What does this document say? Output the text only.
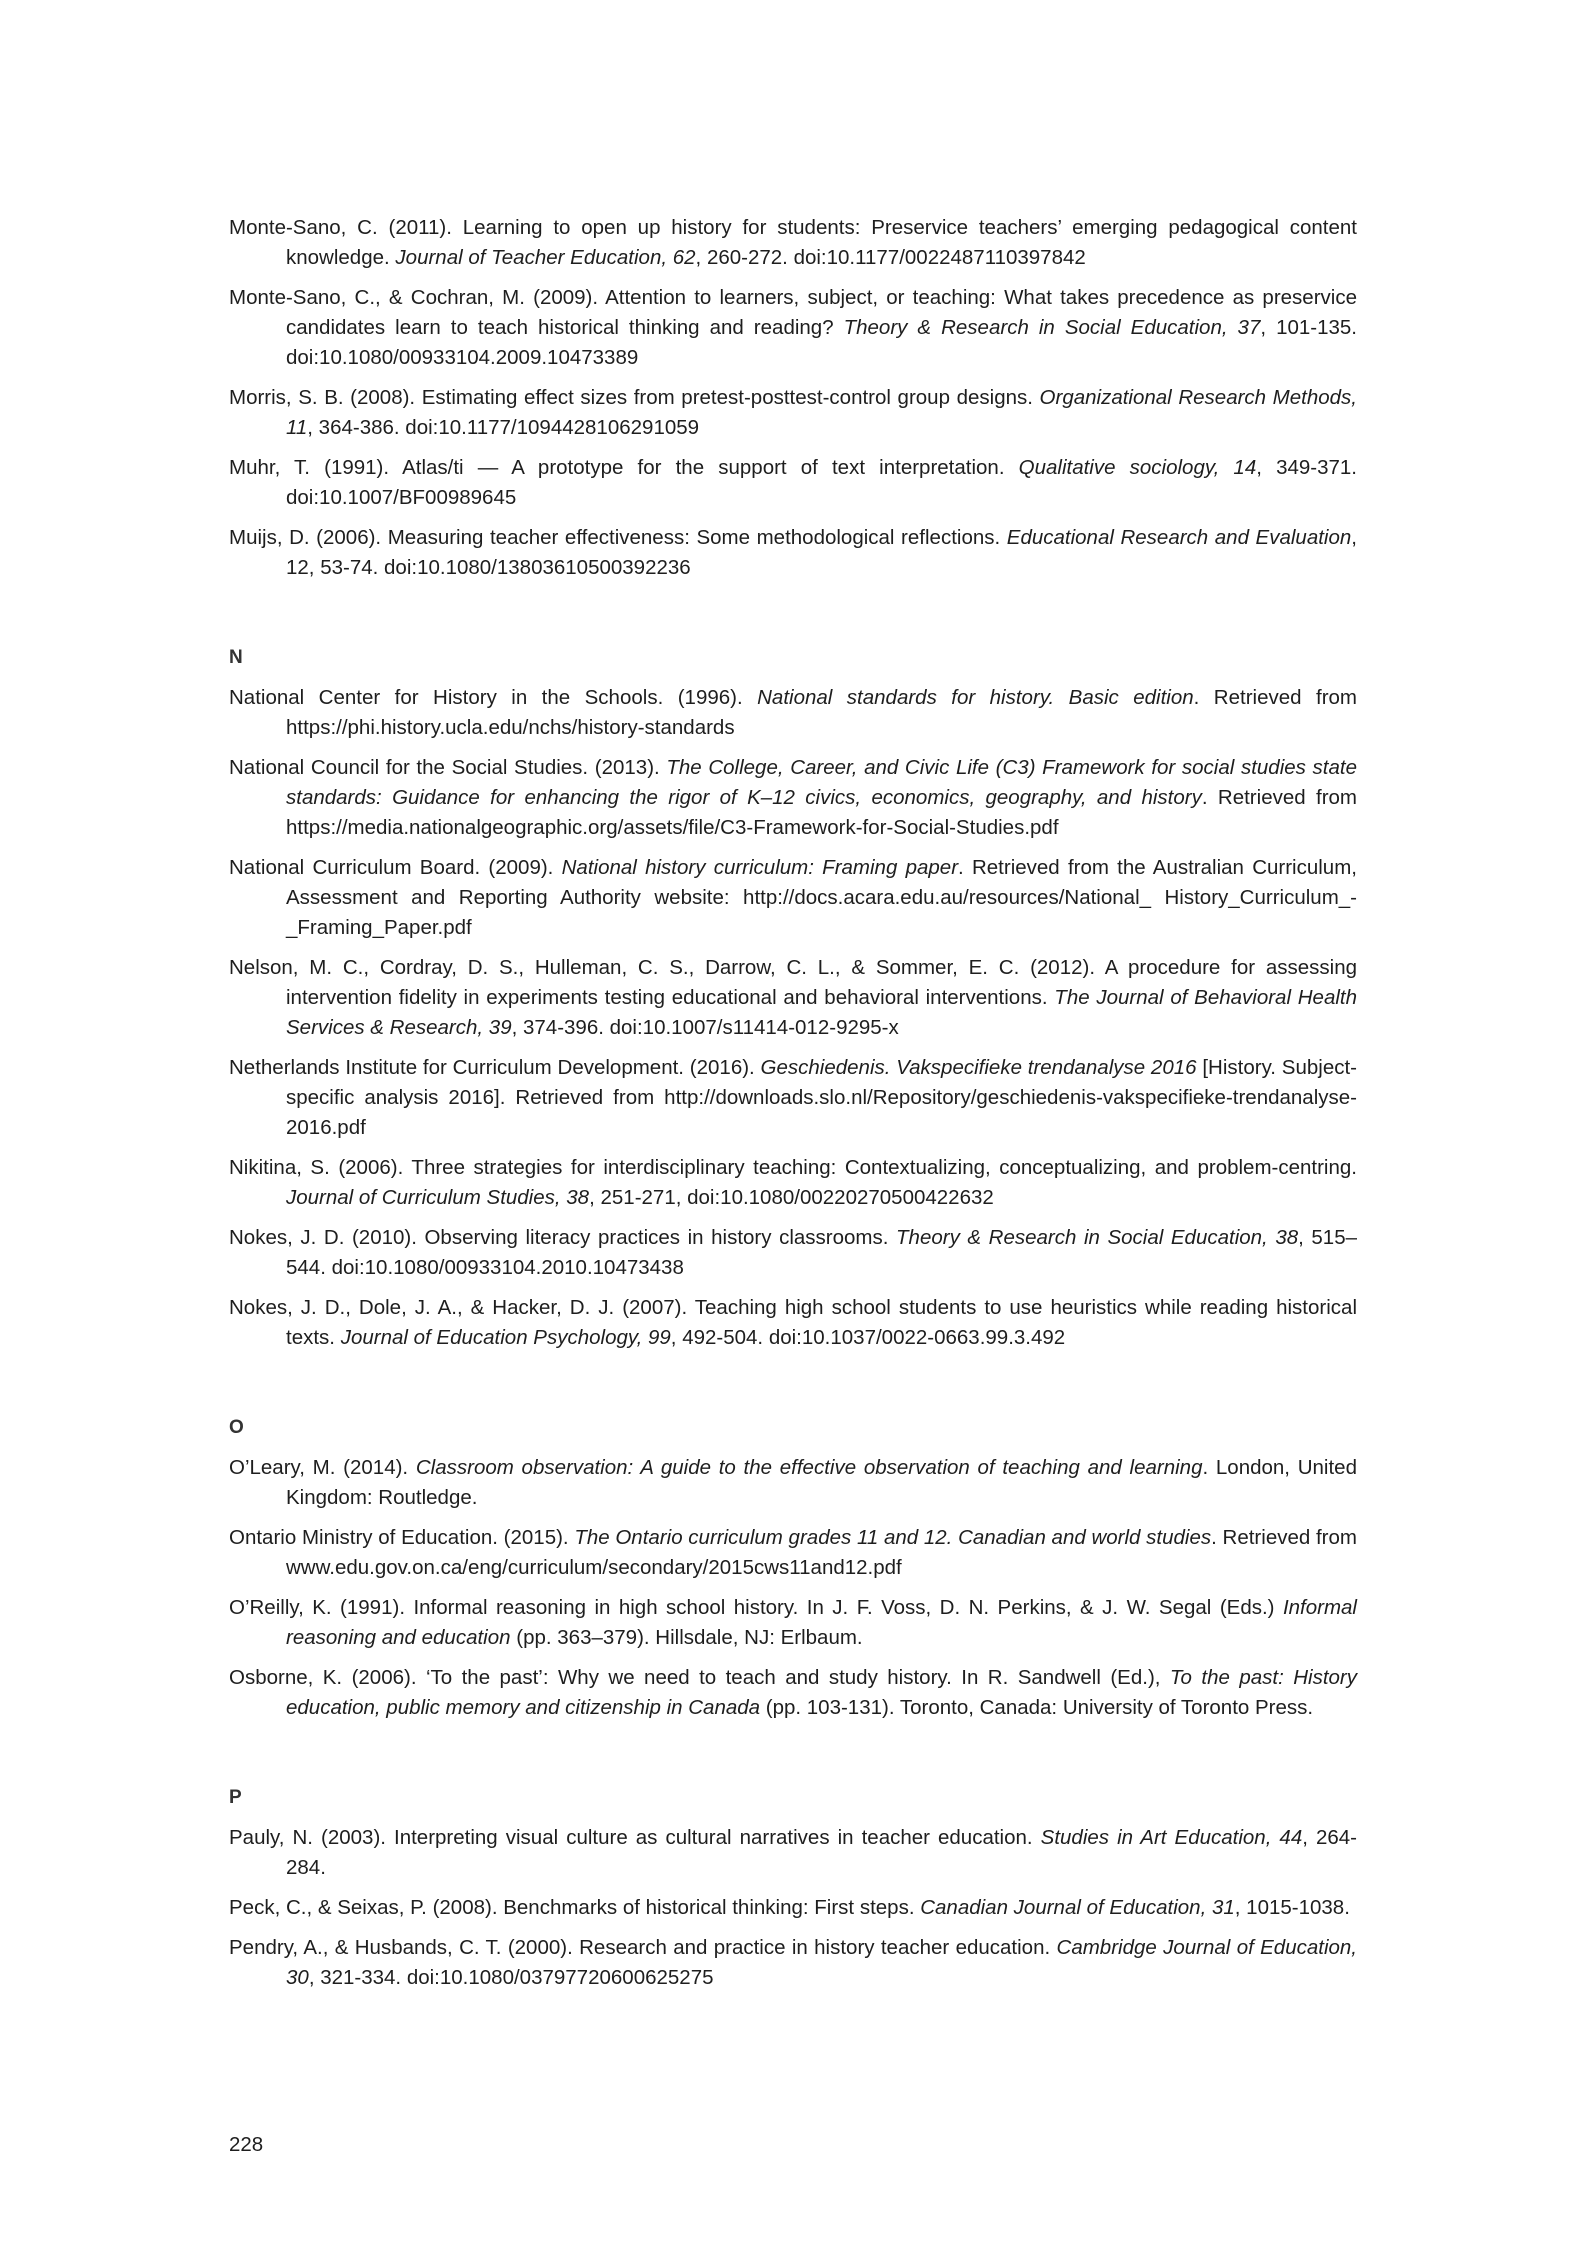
Monte-Sano, C. (2011). Learning to open up history for students: Preservice teachers’ emerging pedagogical content knowledge. Journal of Teacher Education, 62, 260-272. doi:10.1177/0022487110397842

Monte-Sano, C., & Cochran, M. (2009). Attention to learners, subject, or teaching: What takes precedence as preservice candidates learn to teach historical thinking and reading? Theory & Research in Social Education, 37, 101-135. doi:10.1080/00933104.2009.10473389

Morris, S. B. (2008). Estimating effect sizes from pretest-posttest-control group designs. Organizational Research Methods, 11, 364-386. doi:10.1177/1094428106291059

Muhr, T. (1991). Atlas/ti — A prototype for the support of text interpretation. Qualitative sociology, 14, 349-371. doi:10.1007/BF00989645

Muijs, D. (2006). Measuring teacher effectiveness: Some methodological reflections. Educational Research and Evaluation, 12, 53-74. doi:10.1080/13803610500392236

N

National Center for History in the Schools. (1996). National standards for history. Basic edition. Retrieved from https://phi.history.ucla.edu/nchs/history-standards

National Council for the Social Studies. (2013). The College, Career, and Civic Life (C3) Framework for social studies state standards: Guidance for enhancing the rigor of K–12 civics, economics, geography, and history. Retrieved from https://media.nationalgeographic.org/assets/file/C3-Framework-for-Social-Studies.pdf

National Curriculum Board. (2009). National history curriculum: Framing paper. Retrieved from the Australian Curriculum, Assessment and Reporting Authority website: http://docs.acara.edu.au/resources/National_ History_Curriculum_-_Framing_Paper.pdf

Nelson, M. C., Cordray, D. S., Hulleman, C. S., Darrow, C. L., & Sommer, E. C. (2012). A procedure for assessing intervention fidelity in experiments testing educational and behavioral interventions. The Journal of Behavioral Health Services & Research, 39, 374-396. doi:10.1007/s11414-012-9295-x

Netherlands Institute for Curriculum Development. (2016). Geschiedenis. Vakspecifieke trendanalyse 2016 [History. Subject-specific analysis 2016]. Retrieved from http://downloads.slo.nl/Repository/geschiedenis-vakspecifieke-trendanalyse-2016.pdf

Nikitina, S. (2006). Three strategies for interdisciplinary teaching: Contextualizing, conceptualizing, and problem-centring. Journal of Curriculum Studies, 38, 251-271, doi:10.1080/00220270500422632

Nokes, J. D. (2010). Observing literacy practices in history classrooms. Theory & Research in Social Education, 38, 515–544. doi:10.1080/00933104.2010.10473438

Nokes, J. D., Dole, J. A., & Hacker, D. J. (2007). Teaching high school students to use heuristics while reading historical texts. Journal of Education Psychology, 99, 492-504. doi:10.1037/0022-0663.99.3.492

O

O’Leary, M. (2014). Classroom observation: A guide to the effective observation of teaching and learning. London, United Kingdom: Routledge.

Ontario Ministry of Education. (2015). The Ontario curriculum grades 11 and 12. Canadian and world studies. Retrieved from www.edu.gov.on.ca/eng/curriculum/secondary/2015cws11and12.pdf

O’Reilly, K. (1991). Informal reasoning in high school history. In J. F. Voss, D. N. Perkins, & J. W. Segal (Eds.) Informal reasoning and education (pp. 363–379). Hillsdale, NJ: Erlbaum.

Osborne, K. (2006). ‘To the past’: Why we need to teach and study history. In R. Sandwell (Ed.), To the past: History education, public memory and citizenship in Canada (pp. 103-131). Toronto, Canada: University of Toronto Press.

P

Pauly, N. (2003). Interpreting visual culture as cultural narratives in teacher education. Studies in Art Education, 44, 264-284.

Peck, C., & Seixas, P. (2008). Benchmarks of historical thinking: First steps. Canadian Journal of Education, 31, 1015-1038.

Pendry, A., & Husbands, C. T. (2000). Research and practice in history teacher education. Cambridge Journal of Education, 30, 321-334. doi:10.1080/03797720600625275

228
